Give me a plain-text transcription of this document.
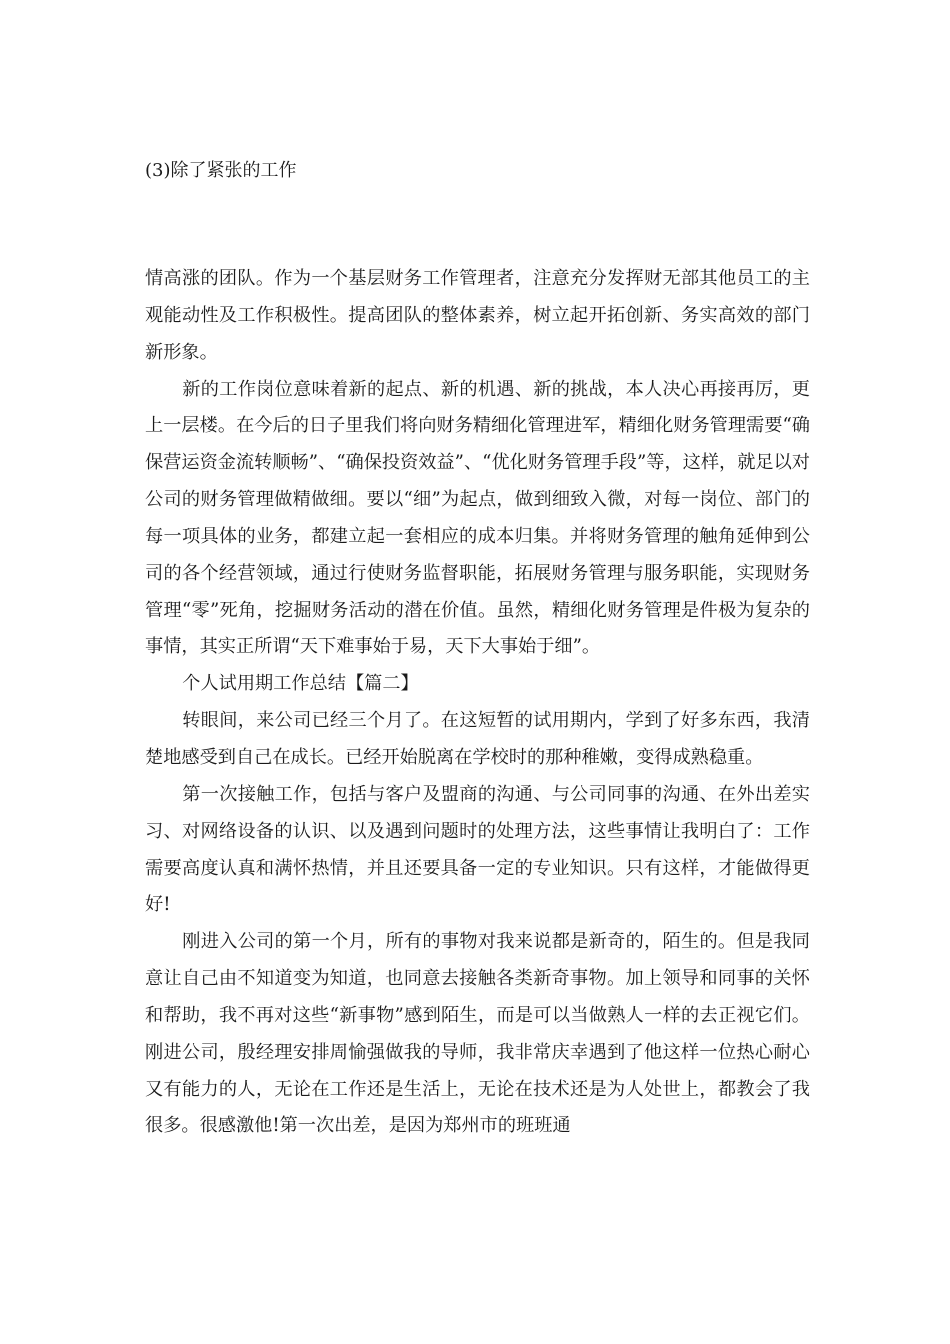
(3)除了紧张的工作

情高涨的团队。作为一个基层财务工作管理者，注意充分发挥财无部其他员工的主观能动性及工作积极性。提高团队的整体素养，树立起开拓创新、务实高效的部门新形象。

新的工作岗位意味着新的起点、新的机遇、新的挑战，本人决心再接再厉，更上一层楼。在今后的日子里我们将向财务精细化管理进军，精细化财务管理需要“确保营运资金流转顺畅”、“确保投资效益”、“优化财务管理手段”等，这样，就足以对公司的财务管理做精做细。要以“细”为起点，做到细致入微，对每一岗位、部门的每一项具体的业务，都建立起一套相应的成本归集。并将财务管理的触角延伸到公司的各个经营领域，通过行使财务监督职能，拓展财务管理与服务职能，实现财务管理“零”死角，挖掘财务活动的潜在价值。虽然，精细化财务管理是件极为复杂的事情，其实正所谓“天下难事始于易，天下大事始于细”。

个人试用期工作总结【篇二】

转眼间，来公司已经三个月了。在这短暂的试用期内，学到了好多东西，我清楚地感受到自己在成长。已经开始脱离在学校时的那种稚嫩，变得成熟稳重。

第一次接触工作，包括与客户及盟商的沟通、与公司同事的沟通、在外出差实习、对网络设备的认识、以及遇到问题时的处理方法，这些事情让我明白了：工作需要高度认真和满怀热情，并且还要具备一定的专业知识。只有这样，才能做得更好!

刚进入公司的第一个月，所有的事物对我来说都是新奇的，陌生的。但是我同意让自己由不知道变为知道，也同意去接触各类新奇事物。加上领导和同事的关怀和帮助，我不再对这些“新事物”感到陌生，而是可以当做熟人一样的去正视它们。刚进公司，殷经理安排周愉强做我的导师，我非常庆幸遇到了他这样一位热心耐心又有能力的人，无论在工作还是生活上，无论在技术还是为人处世上，都教会了我很多。很感激他!第一次出差，是因为郑州市的班班通
